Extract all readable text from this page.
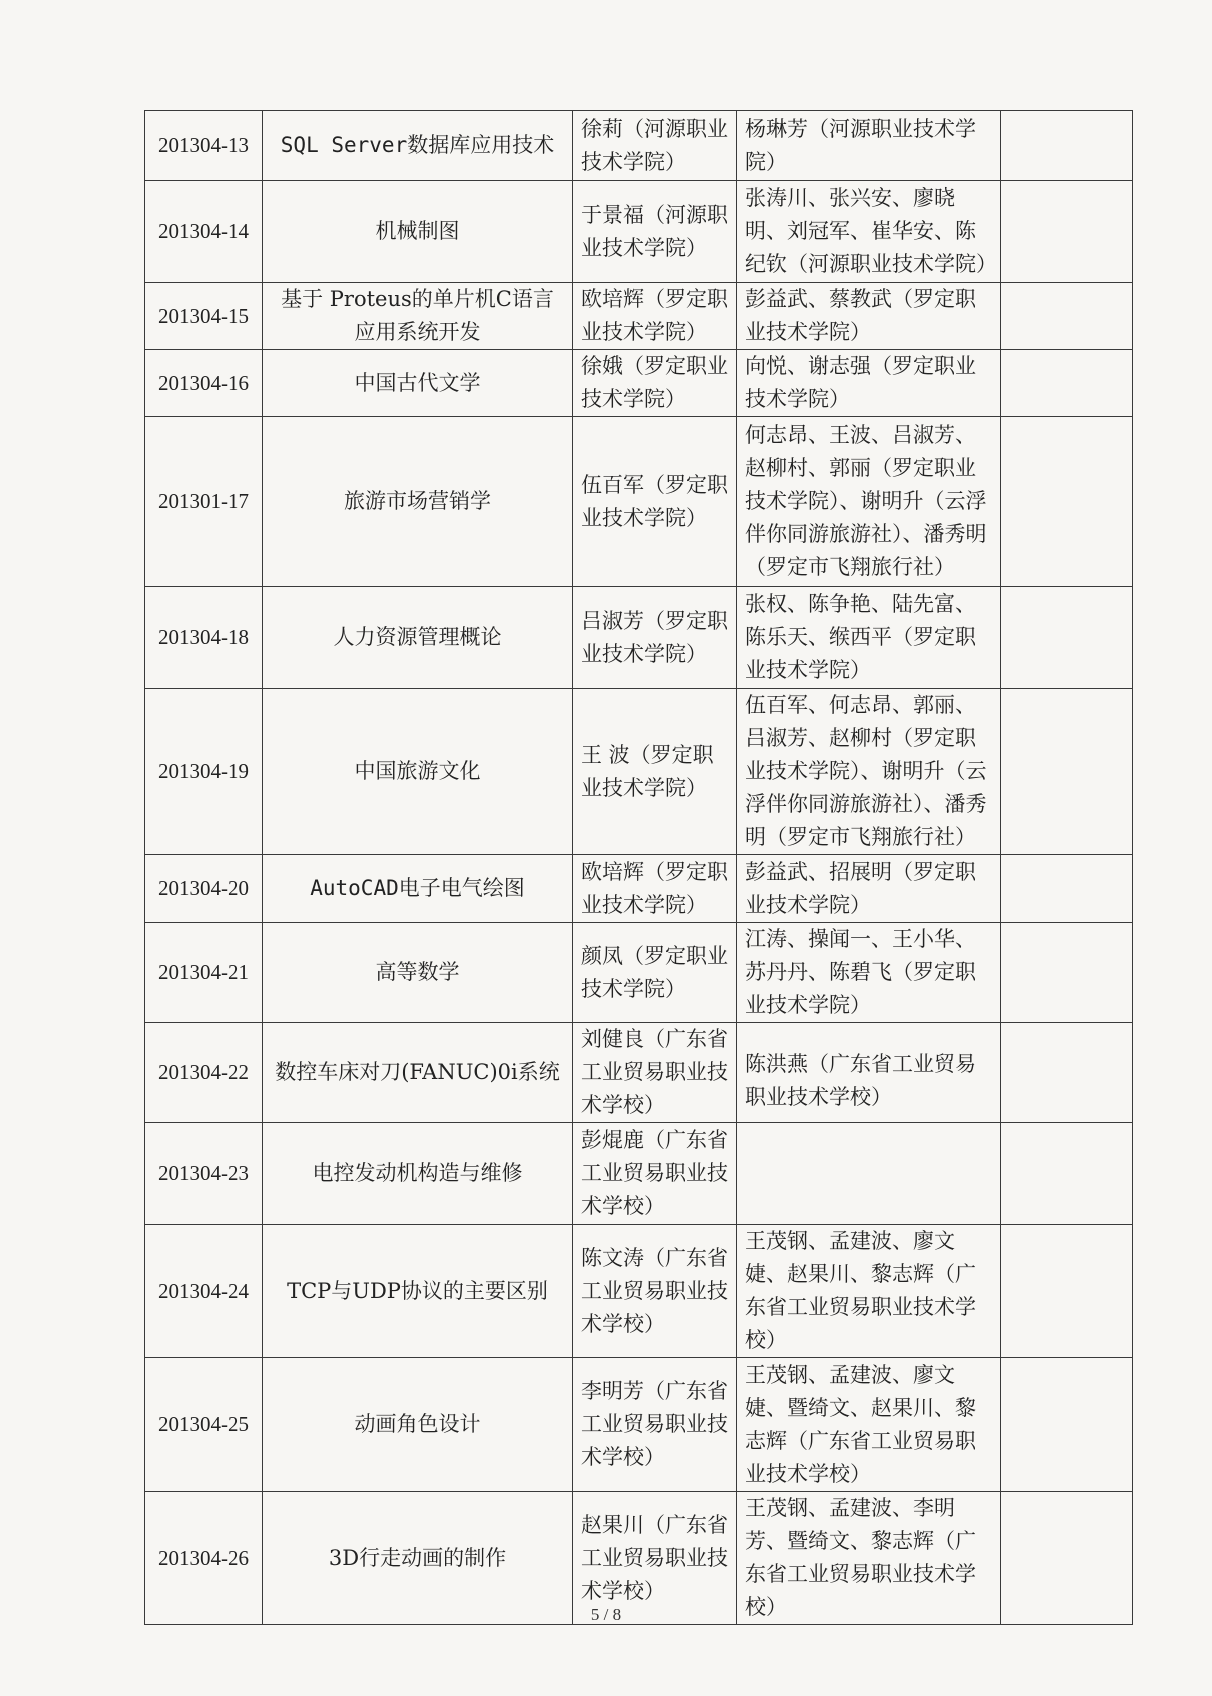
201304-13	SQL Server数据库应用技术	徐莉（河源职业技术学院）	杨琳芳（河源职业技术学院）	
201304-14	机械制图	于景福（河源职业技术学院）	张涛川、张兴安、廖晓明、刘冠军、崔华安、陈纪钦（河源职业技术学院）	
201304-15	基于 Proteus的单片机C语言应用系统开发	欧培辉（罗定职业技术学院）	彭益武、蔡教武（罗定职业技术学院）	
201304-16	中国古代文学	徐娥（罗定职业技术学院）	向悦、谢志强（罗定职业技术学院）	
201301-17	旅游市场营销学	伍百军（罗定职业技术学院）	何志昂、王波、吕淑芳、赵柳村、郭丽（罗定职业技术学院）、谢明升（云浮伴你同游旅游社）、潘秀明（罗定市飞翔旅行社）	
201304-18	人力资源管理概论	吕淑芳（罗定职业技术学院）	张权、陈争艳、陆先富、陈乐天、缑西平（罗定职业技术学院）	
201304-19	中国旅游文化	王 波（罗定职业技术学院）	伍百军、何志昂、郭丽、吕淑芳、赵柳村（罗定职业技术学院）、谢明升（云浮伴你同游旅游社）、潘秀明（罗定市飞翔旅行社）	
201304-20	AutoCAD电子电气绘图	欧培辉（罗定职业技术学院）	彭益武、招展明（罗定职业技术学院）	
201304-21	高等数学	颜凤（罗定职业技术学院）	江涛、操闻一、王小华、苏丹丹、陈碧飞（罗定职业技术学院）	
201304-22	数控车床对刀(FANUC)0i系统	刘健良（广东省工业贸易职业技术学校）	陈洪燕（广东省工业贸易职业技术学校）	
201304-23	电控发动机构造与维修	彭焜鹿（广东省工业贸易职业技术学校）		
201304-24	TCP与UDP协议的主要区别	陈文涛（广东省工业贸易职业技术学校）	王茂钢、孟建波、廖文婕、赵果川、黎志辉（广东省工业贸易职业技术学校）	
201304-25	动画角色设计	李明芳（广东省工业贸易职业技术学校）	王茂钢、孟建波、廖文婕、暨绮文、赵果川、黎志辉（广东省工业贸易职业技术学校）	
201304-26	3D行走动画的制作	赵果川（广东省工业贸易职业技术学校）	王茂钢、孟建波、李明芳、暨绮文、黎志辉（广东省工业贸易职业技术学校）	
5 / 8
